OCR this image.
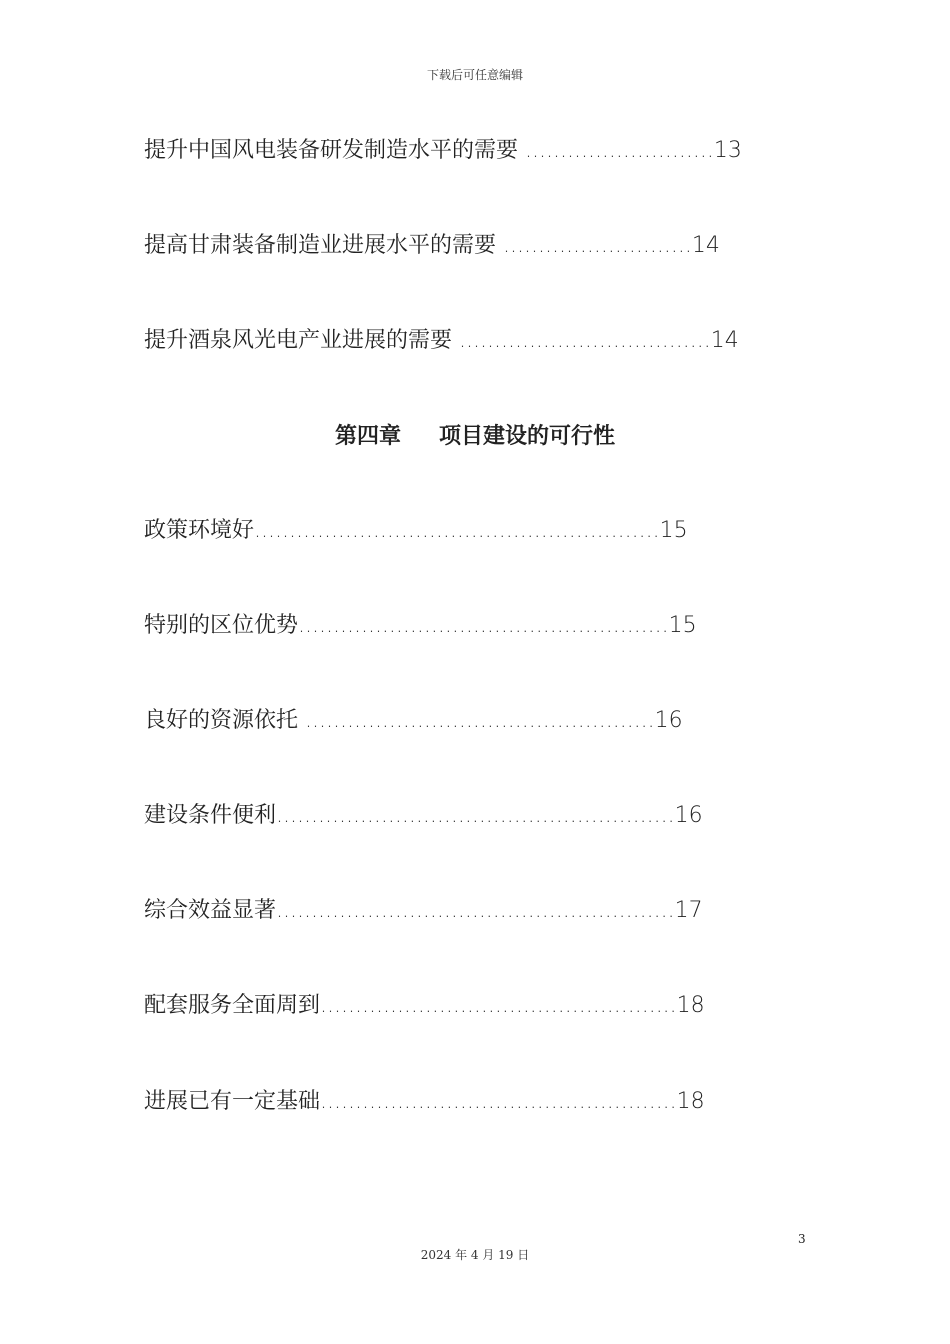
下载后可任意编辑
提升中国风电装备研发制造水平的需要 ...........................13
提高甘肃装备制造业进展水平的需要 ...........................14
提升酒泉风光电产业进展的需要 ....................................14
第四章 项目建设的可行性
政策环境好..........................................................15
特别的区位优势.....................................................15
良好的资源依托 ..................................................16
建设条件便利.........................................................16
综合效益显著.........................................................17
配套服务全面周到...................................................18
进展已有一定基础...................................................18
3
2024 年 4 月 19 日
